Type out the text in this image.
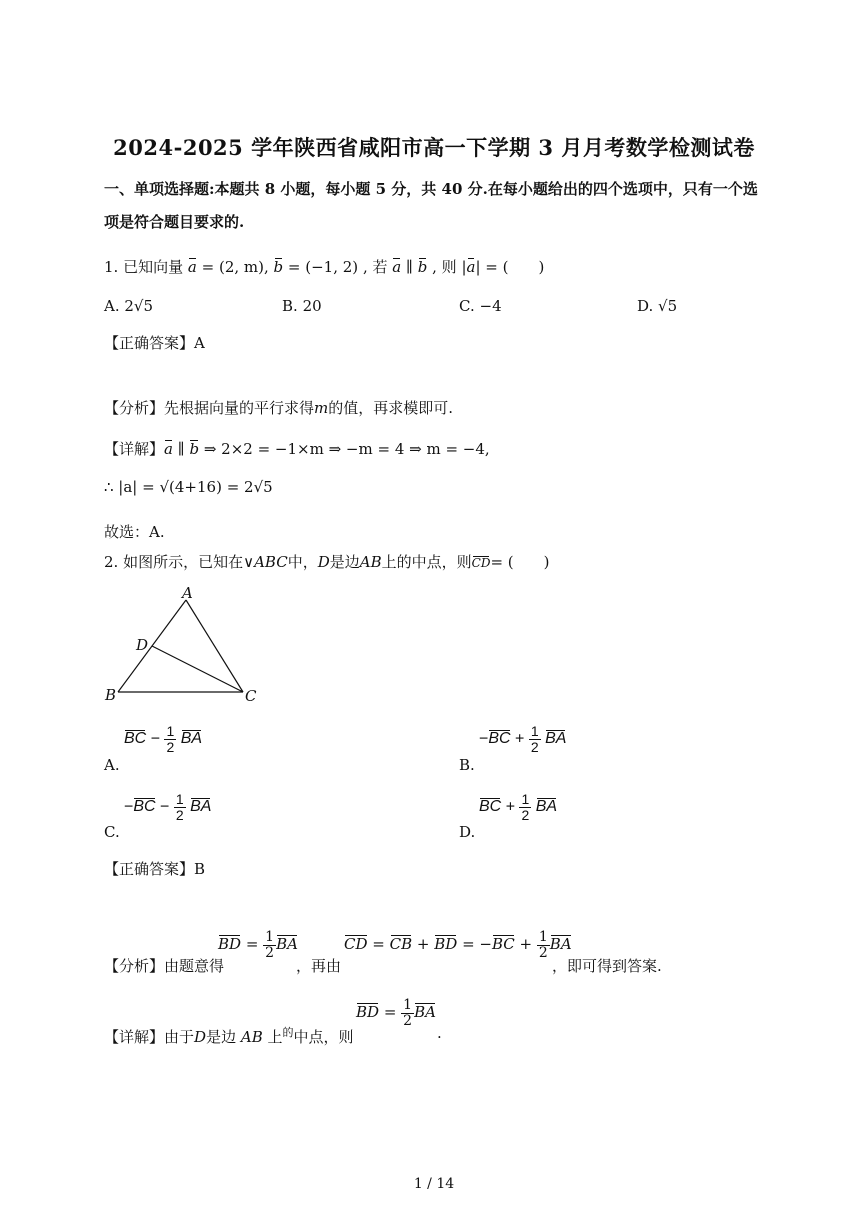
2024-2025 学年陕西省咸阳市高一下学期 3 月月考数学检测试卷
一、单项选择题:本题共 8 小题，每小题 5 分，共 40 分.在每小题给出的四个选项中，只有一个选
项是符合题目要求的.
1. 已知向量 a = (2, m), b = (−1, 2) , 若 a ∥ b , 则 |a| = (　　)
A. 2√5	B. 20	C. −4	D. √5
【正确答案】A
【分析】先根据向量的平行求得m的值，再求模即可.
【详解】a ∥ b ⇒ 2×2 = −1×m ⇒ −m = 4 ⇒ m = −4,
∴ |a| = √(4+16) = 2√5
故选：A.
2. 如图所示，已知在∨ABC中，D是边AB上的中点，则CD= (　　)
A
D
B	C
A.
BC − $\frac{1}{2}$ BA
B.
$-BC + \frac{1}{2}$ BA
C.
$-BC - \frac{1}{2}$ BA
D.
BC + $\frac{1}{2}$ BA
【正确答案】B
【分析】由题意得
BD = $\frac{1}{2}$ BA
，再由
CD = CB + BD = $-BC + \frac{1}{2}$ BA
，即可得到答案.
【详解】由于D是边 AB 上$^的$中点，则
BD = $\frac{1}{2}$ BA
.
1 / 14
